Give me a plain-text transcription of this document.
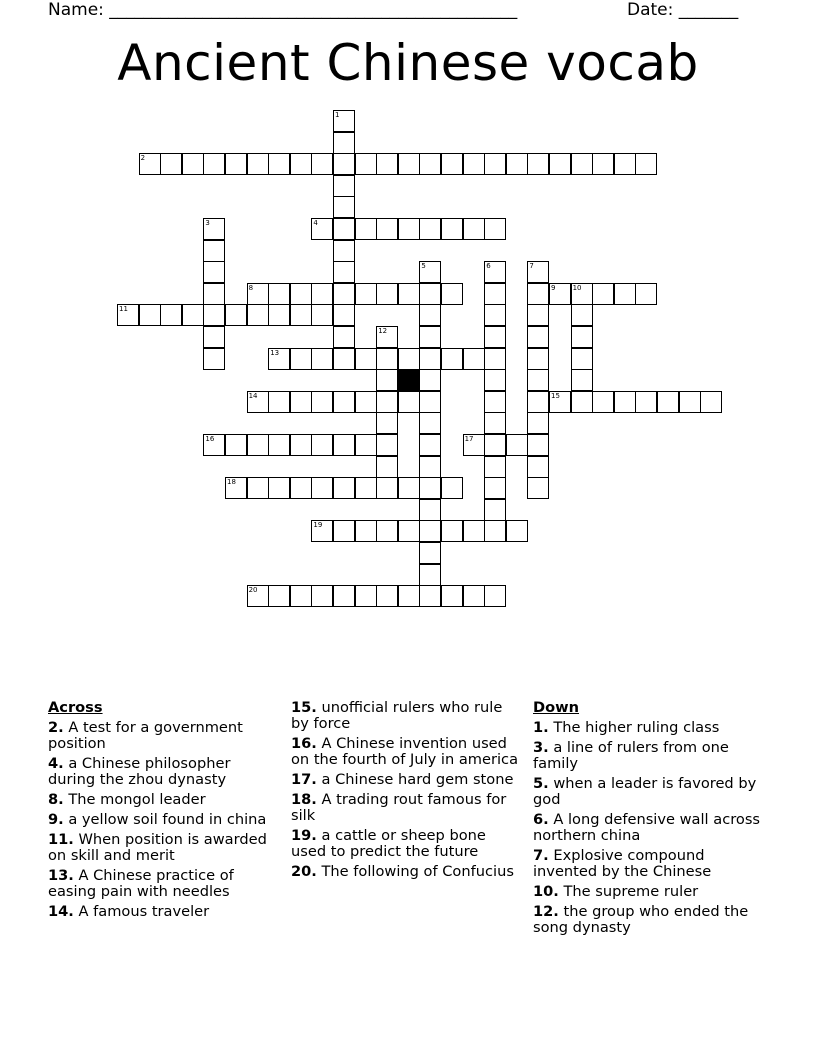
Name: ________________________________________________	Date: _______
Ancient Chinese vocab
2
4
8	9 10
11
13
14	15
16	17
18
19
20
1
3
5	6	7
12
Across
2. A test for a government position
4. a Chinese philosopher during the zhou dynasty
8. The mongol leader
9. a yellow soil found in china
11. When position is awarded on skill and merit
13. A Chinese practice of easing pain with needles
14. A famous traveler
15. unofficial rulers who rule by force
16. A Chinese invention used on the fourth of July in america
17. a Chinese hard gem stone
18. A trading rout famous for silk
19. a cattle or sheep bone used to predict the future
20. The following of Confucius
Down
1. The higher ruling class
3. a line of rulers from one family
5. when a leader is favored by god
6. A long defensive wall across northern china
7. Explosive compound invented by the Chinese
10. The supreme ruler
12. the group who ended the song dynasty
